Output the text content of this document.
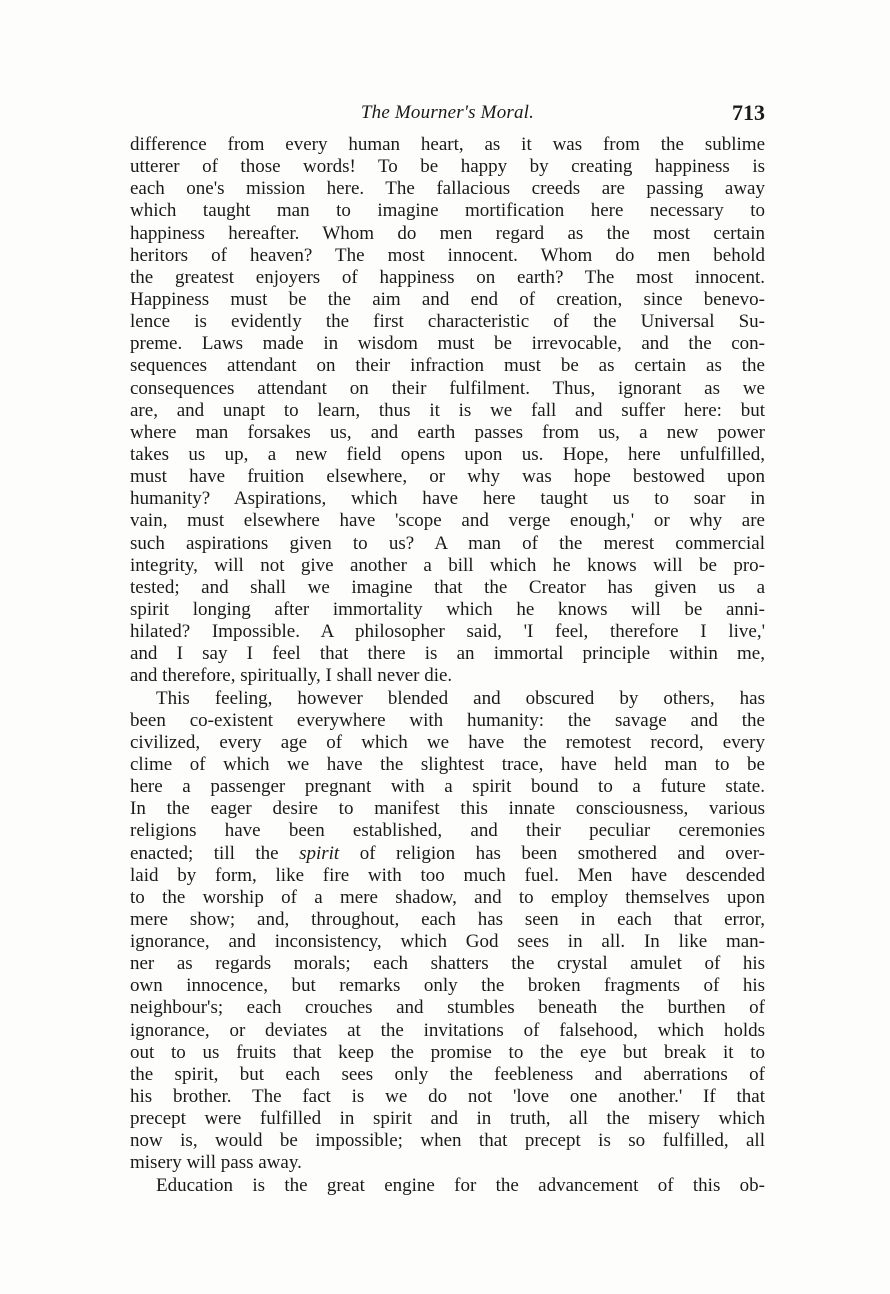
The Mourner's Moral.	713
difference from every human heart, as it was from the sublime
utterer of those words! To be happy by creating happiness is
each one's mission here. The fallacious creeds are passing away
which taught man to imagine mortification here necessary to
happiness hereafter. Whom do men regard as the most certain
heritors of heaven? The most innocent. Whom do men behold
the greatest enjoyers of happiness on earth? The most innocent.
Happiness must be the aim and end of creation, since benevo-
lence is evidently the first characteristic of the Universal Su-
preme. Laws made in wisdom must be irrevocable, and the con-
sequences attendant on their infraction must be as certain as the
consequences attendant on their fulfilment. Thus, ignorant as we
are, and unapt to learn, thus it is we fall and suffer here: but
where man forsakes us, and earth passes from us, a new power
takes us up, a new field opens upon us. Hope, here unfulfilled,
must have fruition elsewhere, or why was hope bestowed upon
humanity? Aspirations, which have here taught us to soar in
vain, must elsewhere have 'scope and verge enough,' or why are
such aspirations given to us? A man of the merest commercial
integrity, will not give another a bill which he knows will be pro-
tested; and shall we imagine that the Creator has given us a
spirit longing after immortality which he knows will be anni-
hilated? Impossible. A philosopher said, 'I feel, therefore I live,'
and I say I feel that there is an immortal principle within me,
and therefore, spiritually, I shall never die.
This feeling, however blended and obscured by others, has
been co-existent everywhere with humanity: the savage and the
civilized, every age of which we have the remotest record, every
clime of which we have the slightest trace, have held man to be
here a passenger pregnant with a spirit bound to a future state.
In the eager desire to manifest this innate consciousness, various
religions have been established, and their peculiar ceremonies
enacted; till the spirit of religion has been smothered and over-
laid by form, like fire with too much fuel. Men have descended
to the worship of a mere shadow, and to employ themselves upon
mere show; and, throughout, each has seen in each that error,
ignorance, and inconsistency, which God sees in all. In like man-
ner as regards morals; each shatters the crystal amulet of his
own innocence, but remarks only the broken fragments of his
neighbour's; each crouches and stumbles beneath the burthen of
ignorance, or deviates at the invitations of falsehood, which holds
out to us fruits that keep the promise to the eye but break it to
the spirit, but each sees only the feebleness and aberrations of
his brother. The fact is we do not 'love one another.' If that
precept were fulfilled in spirit and in truth, all the misery which
now is, would be impossible; when that precept is so fulfilled, all
misery will pass away.
Education is the great engine for the advancement of this ob-
